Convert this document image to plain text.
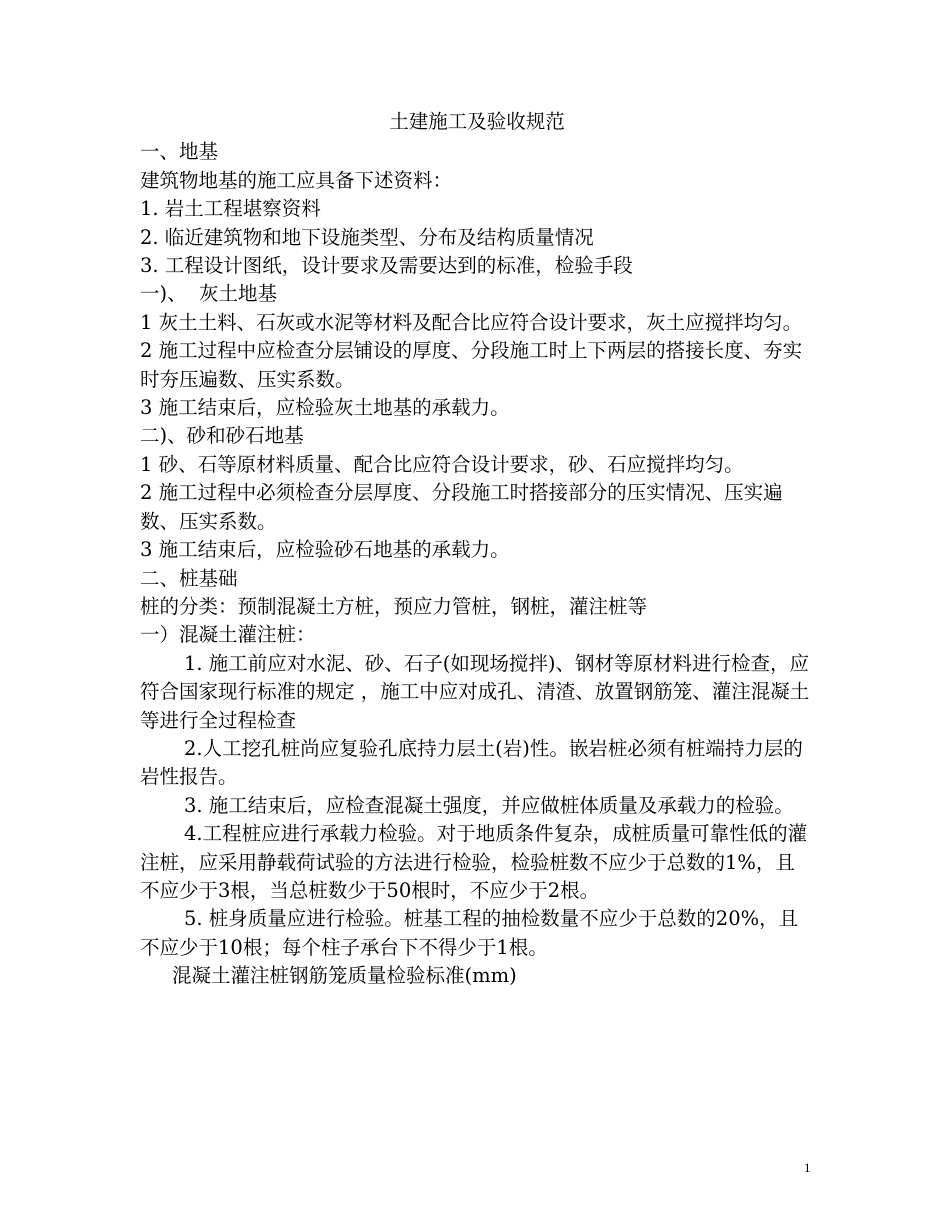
土建施工及验收规范

一、地基

建筑物地基的施工应具备下述资料：

1. 岩土工程堪察资料

2. 临近建筑物和地下设施类型、分布及结构质量情况

3. 工程设计图纸，设计要求及需要达到的标准，检验手段

一)、  灰土地基

1 灰土土料、石灰或水泥等材料及配合比应符合设计要求，灰土应搅拌均匀。

2 施工过程中应检查分层铺设的厚度、分段施工时上下两层的搭接长度、夯实时夯压遍数、压实系数。

3 施工结束后，应检验灰土地基的承载力。

二)、砂和砂石地基

1 砂、石等原材料质量、配合比应符合设计要求，砂、石应搅拌均匀。

2 施工过程中必须检查分层厚度、分段施工时搭接部分的压实情况、压实遍数、压实系数。

3 施工结束后，应检验砂石地基的承载力。

二、桩基础

桩的分类：预制混凝土方桩，预应力管桩，钢桩，灌注桩等

一）混凝土灌注桩：

1. 施工前应对水泥、砂、石子(如现场搅拌)、钢材等原材料进行检查，应符合国家现行标准的规定 ，施工中应对成孔、清渣、放置钢筋笼、灌注混凝土等进行全过程检查

2.人工挖孔桩尚应复验孔底持力层土(岩)性。嵌岩桩必须有桩端持力层的岩性报告。

3. 施工结束后，应检查混凝土强度，并应做桩体质量及承载力的检验。

4.工程桩应进行承载力检验。对于地质条件复杂，成桩质量可靠性低的灌注桩，应采用静载荷试验的方法进行检验，检验桩数不应少于总数的1%，且不应少于3根，当总桩数少于50根时，不应少于2根。

5. 桩身质量应进行检验。桩基工程的抽检数量不应少于总数的20%，且不应少于10根；每个柱子承台下不得少于1根。

混凝土灌注桩钢筋笼质量检验标准(mm)

1
